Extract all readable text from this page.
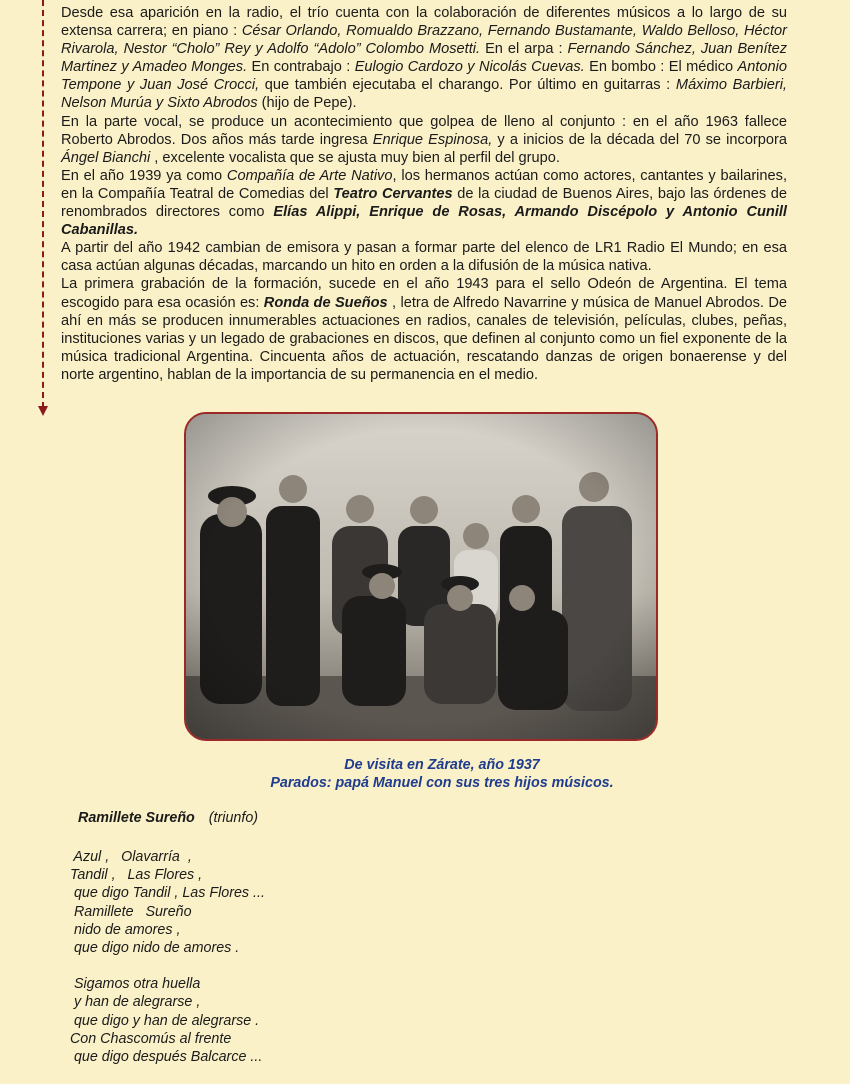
Desde esa aparición en la radio, el trío cuenta con la colaboración de diferentes músicos a lo largo de su extensa carrera; en piano : César Orlando, Romualdo Brazzano, Fernando Bustamante, Waldo Belloso, Héctor Rivarola, Nestor “Cholo” Rey y Adolfo “Adolo” Colombo Mosetti. En el arpa : Fernando Sánchez, Juan Benítez Martinez y Amadeo Monges. En contrabajo : Eulogio Cardozo y Nicolás Cuevas. En bombo : El médico Antonio Tempone y Juan José Crocci, que también ejecutaba el charango. Por último en guitarras : Máximo Barbieri, Nelson Murúa y Sixto Abrodos (hijo de Pepe).

En la parte vocal, se produce un acontecimiento que golpea de lleno al conjunto : en el año 1963 fallece Roberto Abrodos. Dos años más tarde ingresa Enrique Espinosa, y a inicios de la década del 70 se incorpora Ángel Bianchi , excelente vocalista que se ajusta muy bien al perfil del grupo.

En el año 1939 ya como Compañía de Arte Nativo, los hermanos actúan como actores, cantantes y bailarines, en la Compañía Teatral de Comedias del Teatro Cervantes de la ciudad de Buenos Aires, bajo las órdenes de renombrados directores como Elías Alippi, Enrique de Rosas, Armando Discépolo y Antonio Cunill Cabanillas.

A partir del año 1942 cambian de emisora y pasan a formar parte del elenco de LR1 Radio El Mundo; en esa casa actúan algunas décadas, marcando un hito en orden a la difusión de la música nativa.

La primera grabación de la formación, sucede en el año 1943 para el sello Odeón de Argentina. El tema escogido para esa ocasión es: Ronda de Sueños , letra de Alfredo Navarrine y música de Manuel Abrodos. De ahí en más se producen innumerables actuaciones en radios, canales de televisión, películas, clubes, peñas, instituciones varias y un legado de grabaciones en discos, que definen al conjunto como un fiel exponente de la música tradicional Argentina. Cincuenta años de actuación, rescatando danzas de origen bonaerense y del norte argentino, hablan de la importancia de su permanencia en el medio.

De visita en Zárate, año 1937
Parados: papá Manuel con sus tres hijos músicos.
Ramillete Sureño (triunfo)
Azul ,   Olavarría  ,
Tandil ,   Las Flores ,
que digo Tandil , Las Flores ...
Ramillete   Sureño
nido de amores ,
que digo nido de amores .
Sigamos otra huella
y han de alegrarse ,
que digo y han de alegrarse .
Con Chascomús al frente
que digo después Balcarce ...
